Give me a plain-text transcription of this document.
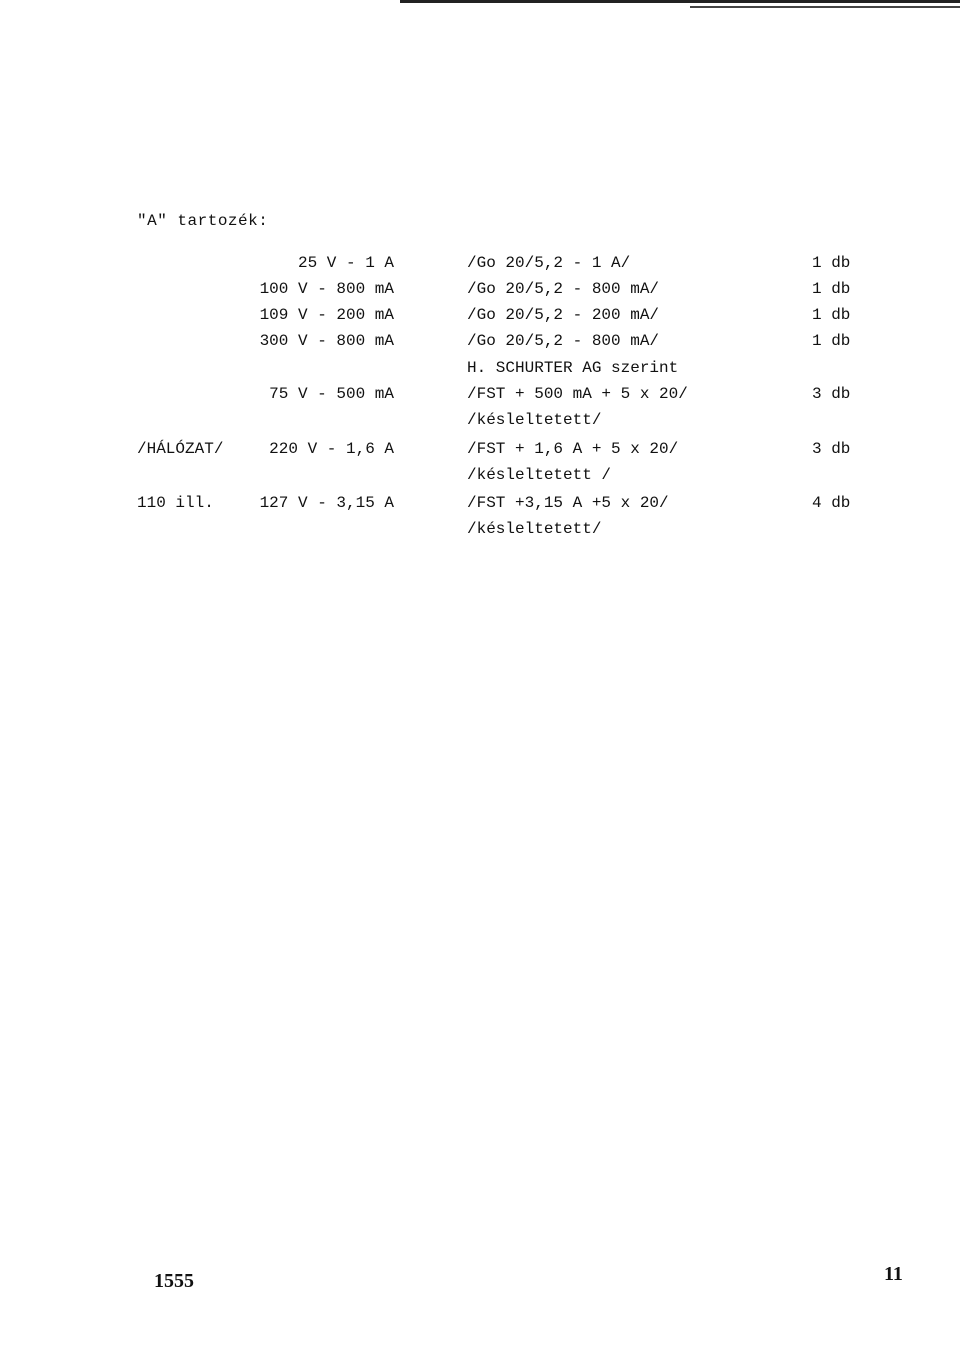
"A" tartozék:
25 V - 1 A	/Go 20/5,2 - 1 A/	1 db
100 V - 800 mA	/Go 20/5,2 - 800 mA/	1 db
109 V - 200 mA	/Go 20/5,2 - 200 mA/	1 db
300 V - 800 mA	/Go 20/5,2 - 800 mA/	1 db
H. SCHURTER AG szerint
75 V - 500 mA	/FST + 500 mA + 5 x 20/	3 db
/késleltetett/
/HÁLÓZAT/	220 V - 1,6 A	/FST + 1,6 A + 5 x 20/	3 db
/késleltetett /
110 ill.	127 V - 3,15 A	/FST +3,15 A +5 x 20/	4 db
/késleltetett/
1555	11
